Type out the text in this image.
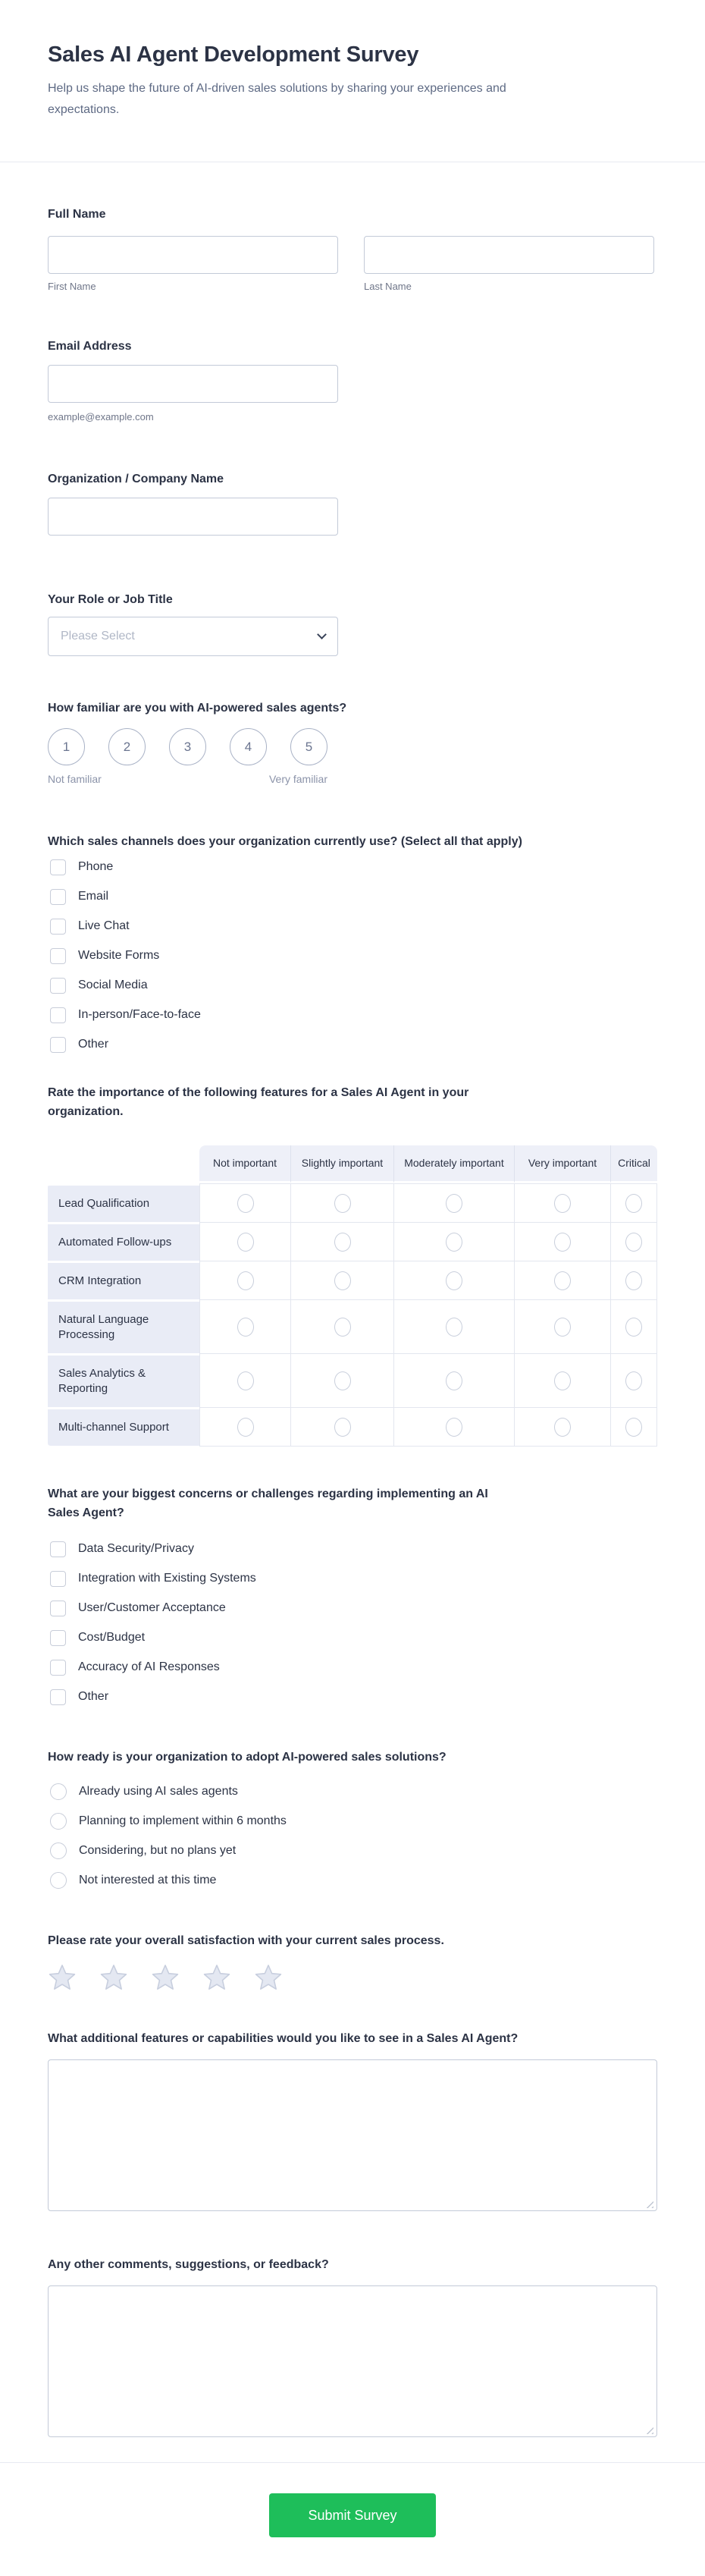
Sales AI Agent Development Survey

Help us shape the future of AI-driven sales solutions by sharing your experiences and expectations.

Full Name
First Name	Last Name
Email Address
example@example.com
Organization / Company Name
Your Role or Job Title
Please Select
How familiar are you with AI-powered sales agents?
1	2	3	4	5
Not familiar	Very familiar
Which sales channels does your organization currently use? (Select all that apply)
Phone
Email
Live Chat
Website Forms
Social Media
In-person/Face-to-face
Other
Rate the importance of the following features for a Sales AI Agent in your organization.
	Not important	Slightly important	Moderately important	Very important	Critical
Lead Qualification					
Automated Follow-ups					
CRM Integration					
Natural Language Processing					
Sales Analytics & Reporting					
Multi-channel Support					
What are your biggest concerns or challenges regarding implementing an AI Sales Agent?
Data Security/Privacy
Integration with Existing Systems
User/Customer Acceptance
Cost/Budget
Accuracy of AI Responses
Other
How ready is your organization to adopt AI-powered sales solutions?
Already using AI sales agents
Planning to implement within 6 months
Considering, but no plans yet
Not interested at this time
Please rate your overall satisfaction with your current sales process.
What additional features or capabilities would you like to see in a Sales AI Agent?
Any other comments, suggestions, or feedback?
Submit Survey
